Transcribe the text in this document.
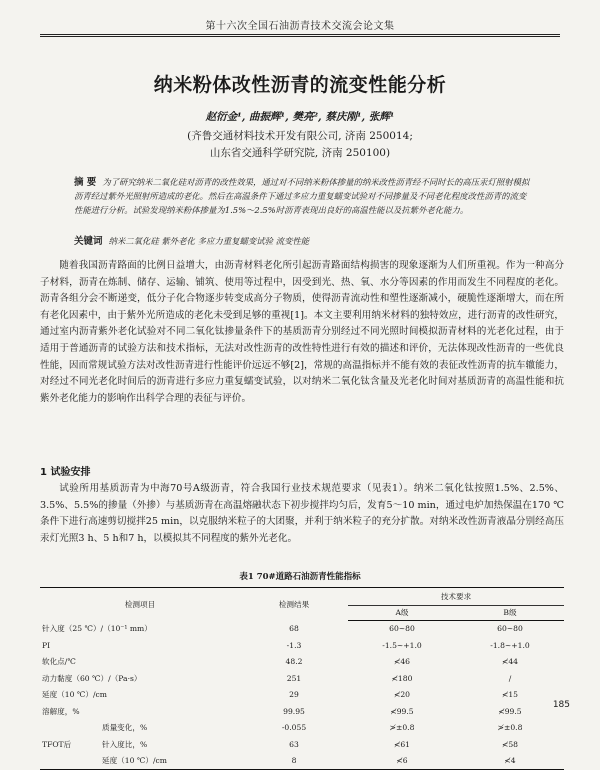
第十六次全国石油沥青技术交流会论文集
纳米粉体改性沥青的流变性能分析
赵衍金¹, 曲振辉¹, 樊亮², 蔡庆刚¹, 张辉¹
(齐鲁交通材料技术开发有限公司, 济南 250014;
山东省交通科学研究院, 济南 250100)
摘 要 为了研究纳米二氧化硅对沥青的改性效果，通过对不同纳米粉体掺量的纳米改性沥青经不同时长的高压汞灯照射模拟沥青经过紫外光照射所造成的老化。然后在高温条件下通过多应力重复蠕变试验对不同掺量及不同老化程度改性沥青的流变性能进行分析。试验发现纳米粉体掺量为1.5%～2.5%时沥青表现出良好的高温性能以及抗紫外老化能力。
关键词 纳米二氧化硅 紫外老化 多应力重复蠕变试验 流变性能

随着我国沥青路面的比例日益增大，由沥青材料老化所引起沥青路面结构损害的现象逐渐为人们所重视。作为一种高分子材料，沥青在炼制、储存、运输、铺筑、使用等过程中，因受到光、热、氧、水分等因素的作用而发生不同程度的老化。沥青各组分会不断递变，低分子化合物逐步转变成高分子物质，使得沥青流动性和塑性逐渐减小，硬脆性逐渐增大，而在所有老化因素中，由于紫外光所造成的老化未受到足够的重视[1]。本文主要利用纳米材料的独特效应，进行沥青的改性研究，通过室内沥青紫外老化试验对不同二氧化钛掺量条件下的基质沥青分别经过不同光照时间模拟沥青材料的光老化过程，由于适用于普通沥青的试验方法和技术指标，无法对改性沥青的改性特性进行有效的描述和评价，无法体现改性沥青的一些优良性能，因而常规试验方法对改性沥青进行性能评价远远不够[2]，常规的高温指标并不能有效的表征改性沥青的抗车辙能力，对经过不同光老化时间后的沥青进行多应力重复蠕变试验，以对纳米二氧化钛含量及光老化时间对基质沥青的高温性能和抗紫外老化能力的影响作出科学合理的表征与评价。

1 试验安排

试验所用基质沥青为中海70号A级沥青，符合我国行业技术规范要求（见表1）。纳米二氧化钛按照1.5%、2.5%、3.5%、5.5%的掺量（外掺）与基质沥青在高温熔融状态下初步搅拌均匀后，发育5～10 min，通过电炉加热保温在170 ℃条件下进行高速剪切搅拌25 min，以克服纳米粒子的大团聚，并利于纳米粒子的充分扩散。对纳米改性沥青液晶分别经高压汞灯光照3 h、5 h和7 h，以模拟其不同程度的紫外光老化。

表1 70#道路石油沥青性能指标
检测项目		检测结果	技术要求	
			A级	B级
针入度（25 ℃）/（10⁻¹ mm）		68	60~80	60~80
PI		-1.3	-1.5~+1.0	-1.8~+1.0
软化点/℃		48.2	≮46	≮44
动力黏度（60 ℃）/（Pa·s）		251	≮180	/
延度（10 ℃）/cm		29	≮20	≮15
溶解度，%		99.95	≮99.5	≮99.5
	质量变化，%	-0.055	≯±0.8	≯±0.8
TFOT后	针入度比，%	63	≮61	≮58
	延度（10 ℃）/cm	8	≮6	≮4
185
